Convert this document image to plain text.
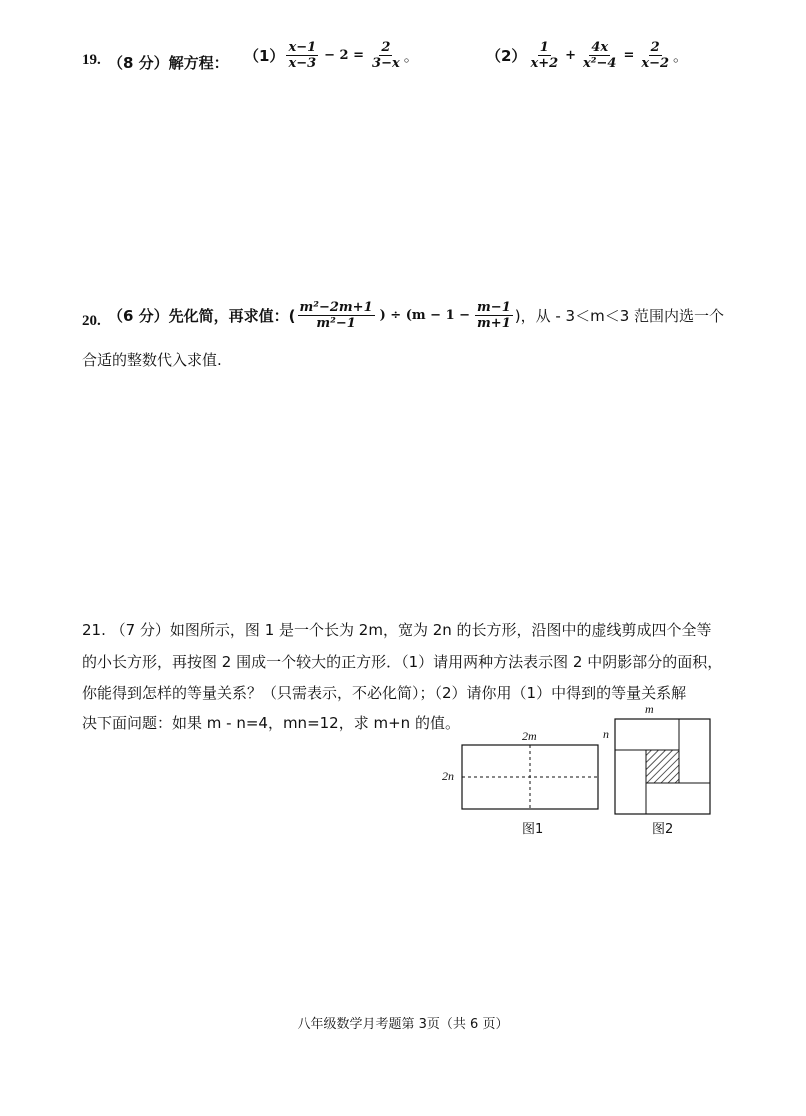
19. （8 分）解方程： $(1) \frac{x-1}{x-3} - 2 = \frac{2}{3-x}$ 。	$(2) \frac{1}{x+2} + \frac{4x}{\text{x²−4}} = \frac{2}{x-2}$ 。
20. （6 分）先化简，再求值：( $\frac{\text{m²−2m+1}}{\text{m²−1}}$ ) ÷ ($m - 1 - \frac{m-1}{m+1}$ )，从 - 3＜m＜3 范围内选一个
合适的整数代入求值.
21. （7 分）如图所示，图 1 是一个长为 2m，宽为 2n 的长方形，沿图中的虚线剪成四个全等
的小长方形，再按图 2 围成一个较大的正方形．（1）请用两种方法表示图 2 中阴影部分的面积，
你能得到怎样的等量关系？（只需表示，不必化简）；（2）请你用（1）中得到的等量关系解
决下面问题：如果 m - n=4，mn=12，求 m+n 的值。
2m
2n
图1
m
n
图2
八年级数学月考题第 3页（共 6 页）
